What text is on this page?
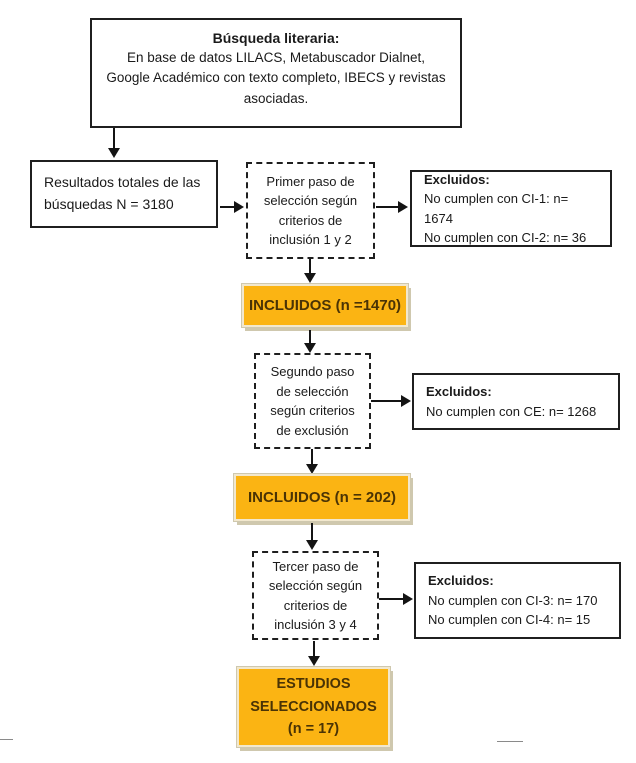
Búsqueda literaria:
En base de datos LILACS, Metabuscador Dialnet, Google Académico con texto completo, IBECS y revistas asociadas.
Resultados totales de las búsquedas N = 3180
Primer paso de selección según criterios de inclusión 1 y 2
Excluidos:
No cumplen con CI-1: n= 1674
No cumplen con CI-2: n= 36
INCLUIDOS (n =1470)
Segundo paso de selección según criterios de exclusión
Excluidos:
No cumplen con CE: n= 1268
INCLUIDOS (n = 202)
Tercer paso de selección según criterios de inclusión 3 y 4
Excluidos:
No cumplen con CI-3: n= 170
No cumplen con CI-4: n= 15
ESTUDIOS SELECCIONADOS
(n = 17)
